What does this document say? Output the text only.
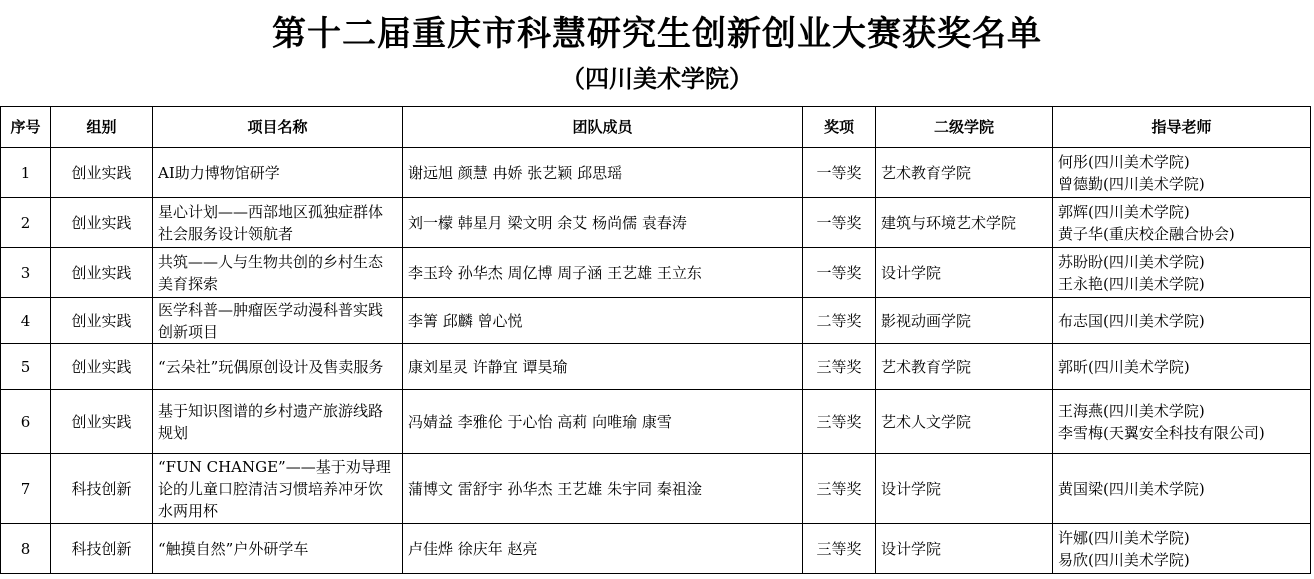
第十二届重庆市科慧研究生创新创业大赛获奖名单
（四川美术学院）
序号	组别	项目名称	团队成员	奖项	二级学院	指导老师
1	创业实践	AI助力博物馆研学	谢远旭 颜慧 冉娇 张艺颖 邱思瑶	一等奖	艺术教育学院	何彤(四川美术学院)
曾德勤(四川美术学院)

2	创业实践	星心计划——西部地区孤独症群体社会服务设计领航者	刘一檬 韩星月 梁文明 余艾 杨尚儒 袁春涛	一等奖	建筑与环境艺术学院	郭辉(四川美术学院)
黄子华(重庆校企融合协会)

3	创业实践	共筑——人与生物共创的乡村生态美育探索	李玉玲 孙华杰 周亿博 周子涵 王艺雄 王立东	一等奖	设计学院	苏盼盼(四川美术学院)
王永艳(四川美术学院)

4	创业实践	医学科普—肿瘤医学动漫科普实践创新项目	李箐 邱麟 曾心悦	二等奖	影视动画学院	布志国(四川美术学院)

5	创业实践	“云朵社”玩偶原创设计及售卖服务	康刘星灵 许静宜 谭昊瑜	三等奖	艺术教育学院	郭昕(四川美术学院)

6	创业实践	基于知识图谱的乡村遗产旅游线路规划	冯婧益 李雅伦 于心怡 高莉 向唯瑜 康雪	三等奖	艺术人文学院	王海燕(四川美术学院)
李雪梅(天翼安全科技有限公司)

7	科技创新	“FUN CHANGE”——基于劝导理论的儿童口腔清洁习惯培养冲牙饮水两用杯	蒲博文 雷舒宇 孙华杰 王艺雄 朱宇同 秦祖淦	三等奖	设计学院	黄国梁(四川美术学院)

8	科技创新	“触摸自然”户外研学车	卢佳烨 徐庆年 赵亮	三等奖	设计学院	许娜(四川美术学院)
易欣(四川美术学院)
